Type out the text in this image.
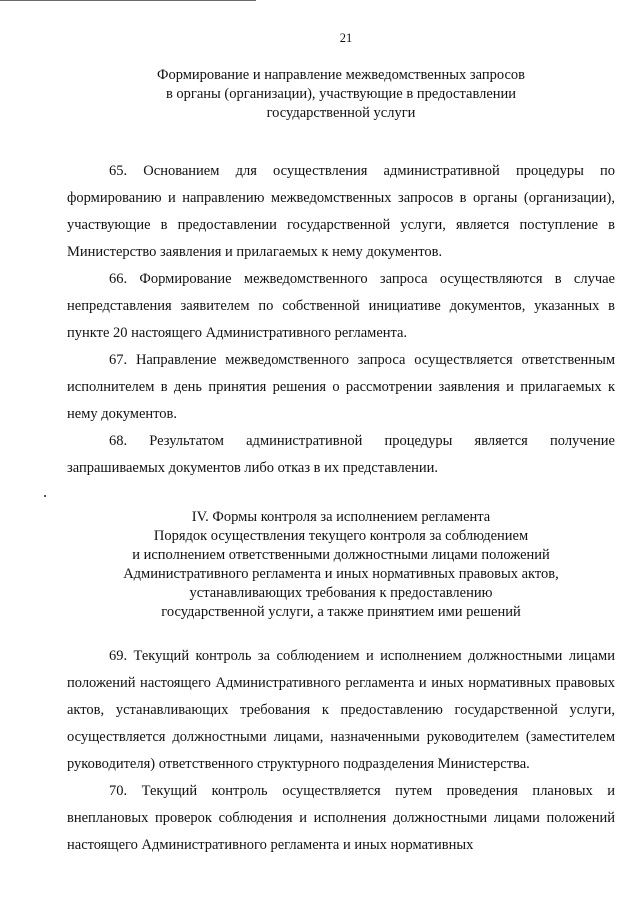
21
Формирование и направление межведомственных запросов
в органы (организации), участвующие в предоставлении
государственной услуги

65. Основанием для осуществления административной процедуры по формированию и направлению межведомственных запросов в органы (организации), участвующие в предоставлении государственной услуги, является поступление в Министерство заявления и прилагаемых к нему документов.

66. Формирование межведомственного запроса осуществляются в случае непредставления заявителем по собственной инициативе документов, указанных в пункте 20 настоящего Административного регламента.

67. Направление межведомственного запроса осуществляется ответственным исполнителем в день принятия решения о рассмотрении заявления и прилагаемых к нему документов.

68. Результатом административной процедуры является получение запрашиваемых документов либо отказ в их представлении.

IV. Формы контроля за исполнением регламента
Порядок осуществления текущего контроля за соблюдением
и исполнением ответственными должностными лицами положений
Административного регламента и иных нормативных правовых актов,
устанавливающих требования к предоставлению
государственной услуги, а также принятием ими решений

69. Текущий контроль за соблюдением и исполнением должностными лицами положений настоящего Административного регламента и иных нормативных правовых актов, устанавливающих требования к предоставлению государственной услуги, осуществляется должностными лицами, назначенными руководителем (заместителем руководителя) ответственного структурного подразделения Министерства.

70. Текущий контроль осуществляется путем проведения плановых и внеплановых проверок соблюдения и исполнения должностными лицами положений настоящего Административного регламента и иных нормативных
